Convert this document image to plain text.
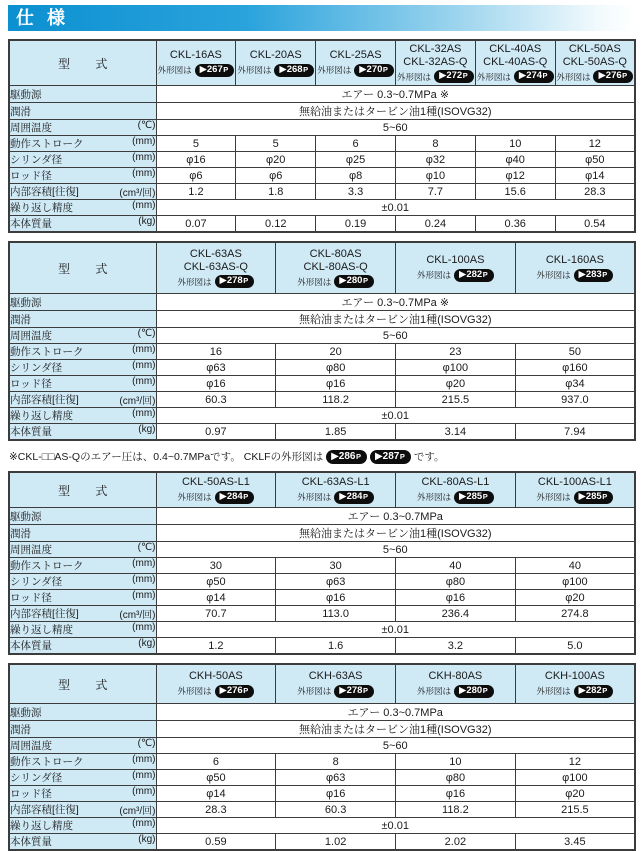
仕 様
型 式	
CKL-16AS
外形図は ▶267 P

CKL-20AS
外形図は ▶268 P

CKL-25AS
外形図は ▶270 P

CKL-32AS
CKL-32AS-Q
外形図は ▶272 P

CKL-40AS
CKL-40AS-Q
外形図は ▶274 P

CKL-50AS
CKL-50AS-Q
外形図は ▶276 P

駆動源	エアー 0.3~0.7MPa ※					

潤滑	無給油またはタービン油1種(ISOVG32)					

周囲温度 (℃)	5~60					

動作ストローク (mm)	5	5	6	8	10	12

シリンダ径 (mm)	φ16	φ20	φ25	φ32	φ40	φ50

ロッド径 (mm)	φ6	φ6	φ8	φ10	φ12	φ14

内部容積[往復] (cm³/回)	1.2	1.8	3.3	7.7	15.6	28.3

繰り返し精度 (mm)	±0.01					

本体質量 (kg)	0.07	0.12	0.19	0.24	0.36	0.54
型 式	
CKL-63AS
CKL-63AS-Q
外形図は ▶278 P

CKL-80AS
CKL-80AS-Q
外形図は ▶280 P

CKL-100AS
外形図は ▶282 P

CKL-160AS
外形図は ▶283 P

駆動源	エアー 0.3~0.7MPa ※			

潤滑	無給油またはタービン油1種(ISOVG32)			

周囲温度 (℃)	5~60			

動作ストローク (mm)	16	20	23	50

シリンダ径 (mm)	φ63	φ80	φ100	φ160

ロッド径 (mm)	φ16	φ16	φ20	φ34

内部容積[往復] (cm³/回)	60.3	118.2	215.5	937.0

繰り返し精度 (mm)	±0.01			

本体質量 (kg)	0.97	1.85	3.14	7.94

※CKL-□□AS-Qのエアー圧は、0.4~0.7MPaです。 CKLFの外形図は ▶286 P ▶287 P です。

型 式	
CKL-50AS-L1
外形図は ▶284 P

CKL-63AS-L1
外形図は ▶284 P

CKL-80AS-L1
外形図は ▶285 P

CKL-100AS-L1
外形図は ▶285 P

駆動源	エアー 0.3~0.7MPa			

潤滑	無給油またはタービン油1種(ISOVG32)			

周囲温度 (℃)	5~60			

動作ストローク (mm)	30	30	40	40

シリンダ径 (mm)	φ50	φ63	φ80	φ100

ロッド径 (mm)	φ14	φ16	φ16	φ20

内部容積[往復] (cm³/回)	70.7	113.0	236.4	274.8

繰り返し精度 (mm)	±0.01			

本体質量 (kg)	1.2	1.6	3.2	5.0
型 式	
CKH-50AS
外形図は ▶276 P

CKH-63AS
外形図は ▶278 P

CKH-80AS
外形図は ▶280 P

CKH-100AS
外形図は ▶282 P

駆動源	エアー 0.3~0.7MPa			

潤滑	無給油またはタービン油1種(ISOVG32)			

周囲温度 (℃)	5~60			

動作ストローク (mm)	6	8	10	12

シリンダ径 (mm)	φ50	φ63	φ80	φ100

ロッド径 (mm)	φ14	φ16	φ16	φ20

内部容積[往復] (cm³/回)	28.3	60.3	118.2	215.5

繰り返し精度 (mm)	±0.01			

本体質量 (kg)	0.59	1.02	2.02	3.45
